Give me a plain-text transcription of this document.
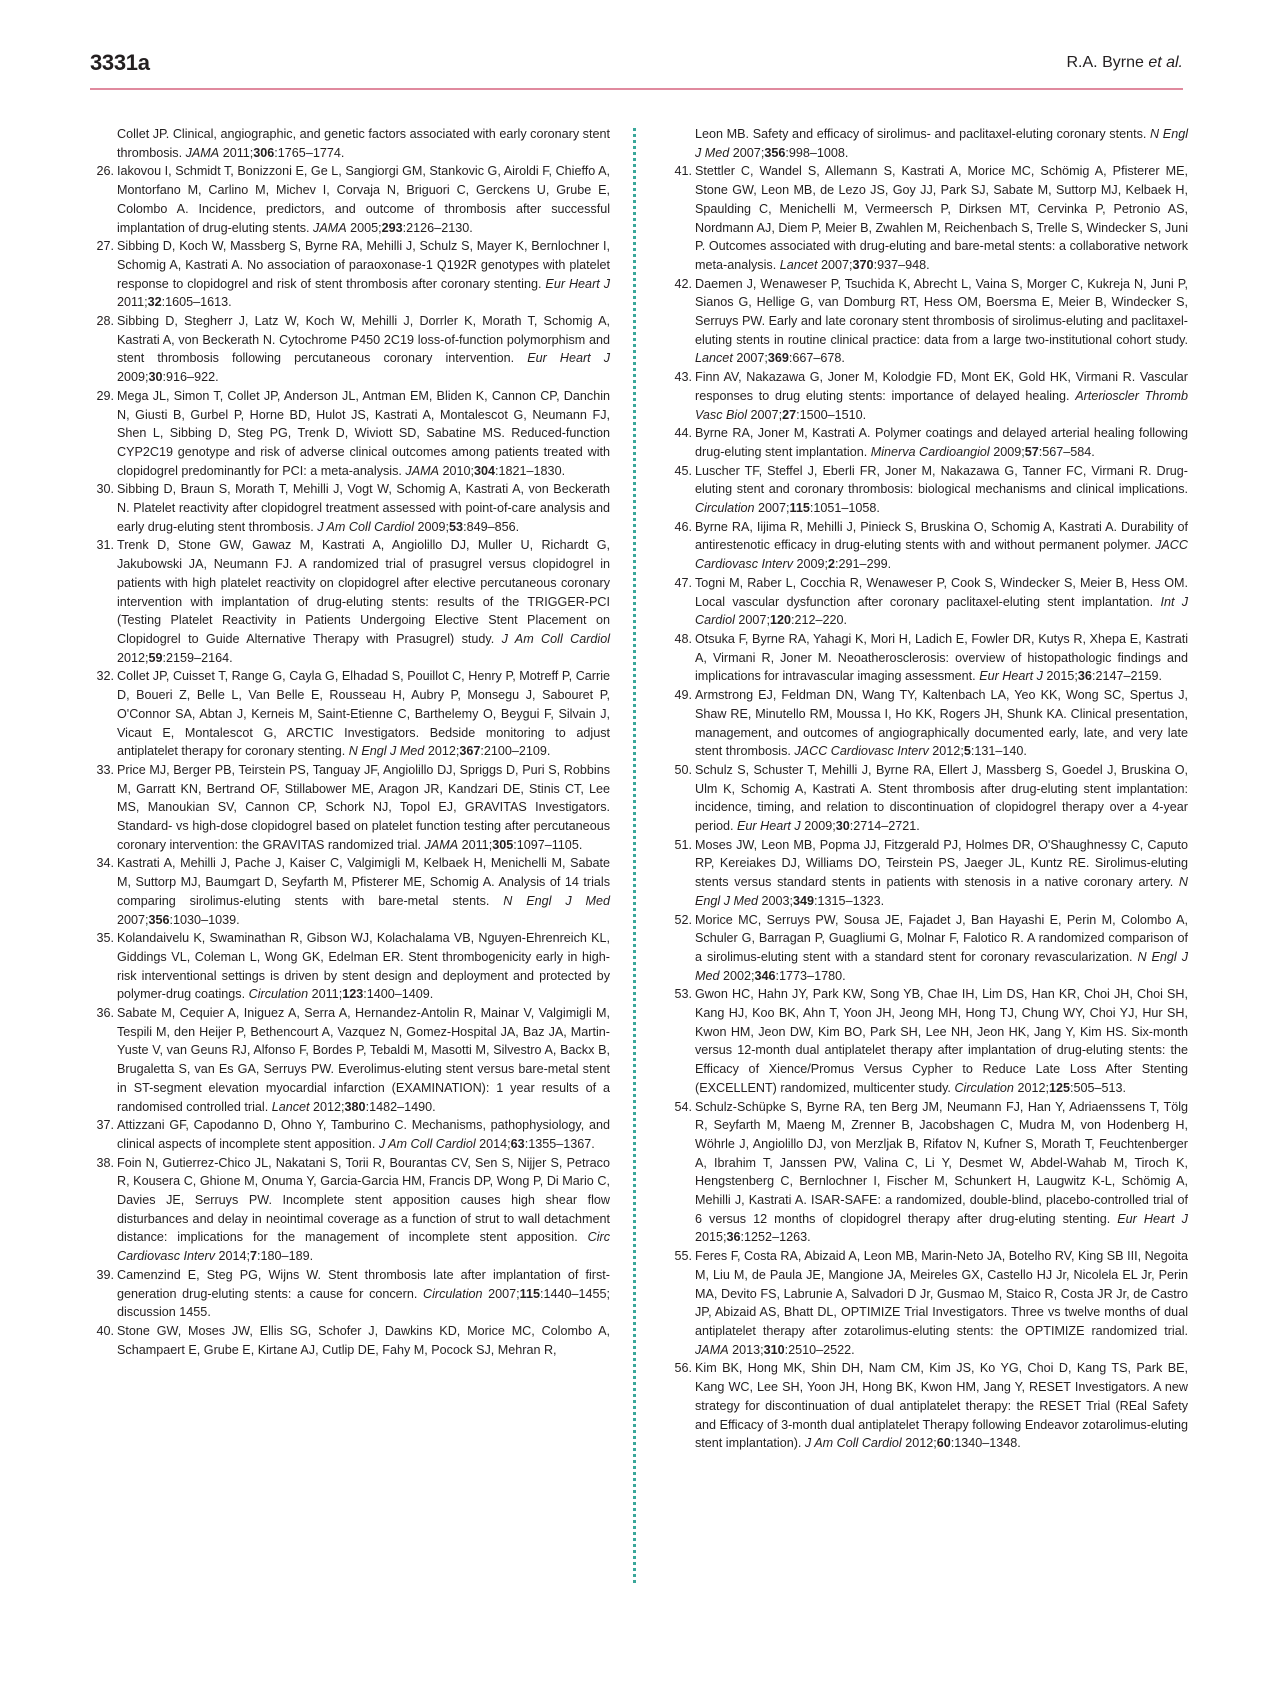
3331a	R.A. Byrne et al.

Collet JP. Clinical, angiographic, and genetic factors associated with early coronary stent thrombosis. JAMA 2011;306:1765–1774.

26. Iakovou I, Schmidt T, Bonizzoni E, Ge L, Sangiorgi GM, Stankovic G, Airoldi F, Chieffo A, Montorfano M, Carlino M, Michev I, Corvaja N, Briguori C, Gerckens U, Grube E, Colombo A. Incidence, predictors, and outcome of thrombosis after successful implantation of drug-eluting stents. JAMA 2005;293:2126–2130.

27. Sibbing D, Koch W, Massberg S, Byrne RA, Mehilli J, Schulz S, Mayer K, Bernlochner I, Schomig A, Kastrati A. No association of paraoxonase-1 Q192R genotypes with platelet response to clopidogrel and risk of stent thrombosis after coronary stenting. Eur Heart J 2011;32:1605–1613.

28. Sibbing D, Stegherr J, Latz W, Koch W, Mehilli J, Dorrler K, Morath T, Schomig A, Kastrati A, von Beckerath N. Cytochrome P450 2C19 loss-of-function polymorphism and stent thrombosis following percutaneous coronary intervention. Eur Heart J 2009;30:916–922.

29. Mega JL, Simon T, Collet JP, Anderson JL, Antman EM, Bliden K, Cannon CP, Danchin N, Giusti B, Gurbel P, Horne BD, Hulot JS, Kastrati A, Montalescot G, Neumann FJ, Shen L, Sibbing D, Steg PG, Trenk D, Wiviott SD, Sabatine MS. Reduced-function CYP2C19 genotype and risk of adverse clinical outcomes among patients treated with clopidogrel predominantly for PCI: a meta-analysis. JAMA 2010;304:1821–1830.

30. Sibbing D, Braun S, Morath T, Mehilli J, Vogt W, Schomig A, Kastrati A, von Beckerath N. Platelet reactivity after clopidogrel treatment assessed with point-of-care analysis and early drug-eluting stent thrombosis. J Am Coll Cardiol 2009;53:849–856.

31. Trenk D, Stone GW, Gawaz M, Kastrati A, Angiolillo DJ, Muller U, Richardt G, Jakubowski JA, Neumann FJ. A randomized trial of prasugrel versus clopidogrel in patients with high platelet reactivity on clopidogrel after elective percutaneous coronary intervention with implantation of drug-eluting stents: results of the TRIGGER-PCI (Testing Platelet Reactivity in Patients Undergoing Elective Stent Placement on Clopidogrel to Guide Alternative Therapy with Prasugrel) study. J Am Coll Cardiol 2012;59:2159–2164.

32. Collet JP, Cuisset T, Range G, Cayla G, Elhadad S, Pouillot C, Henry P, Motreff P, Carrie D, Boueri Z, Belle L, Van Belle E, Rousseau H, Aubry P, Monsegu J, Sabouret P, O'Connor SA, Abtan J, Kerneis M, Saint-Etienne C, Barthelemy O, Beygui F, Silvain J, Vicaut E, Montalescot G, ARCTIC Investigators. Bedside monitoring to adjust antiplatelet therapy for coronary stenting. N Engl J Med 2012;367:2100–2109.

33. Price MJ, Berger PB, Teirstein PS, Tanguay JF, Angiolillo DJ, Spriggs D, Puri S, Robbins M, Garratt KN, Bertrand OF, Stillabower ME, Aragon JR, Kandzari DE, Stinis CT, Lee MS, Manoukian SV, Cannon CP, Schork NJ, Topol EJ, GRAVITAS Investigators. Standard- vs high-dose clopidogrel based on platelet function testing after percutaneous coronary intervention: the GRAVITAS randomized trial. JAMA 2011;305:1097–1105.

34. Kastrati A, Mehilli J, Pache J, Kaiser C, Valgimigli M, Kelbaek H, Menichelli M, Sabate M, Suttorp MJ, Baumgart D, Seyfarth M, Pfisterer ME, Schomig A. Analysis of 14 trials comparing sirolimus-eluting stents with bare-metal stents. N Engl J Med 2007;356:1030–1039.

35. Kolandaivelu K, Swaminathan R, Gibson WJ, Kolachalama VB, Nguyen-Ehrenreich KL, Giddings VL, Coleman L, Wong GK, Edelman ER. Stent thrombogenicity early in high-risk interventional settings is driven by stent design and deployment and protected by polymer-drug coatings. Circulation 2011;123:1400–1409.

36. Sabate M, Cequier A, Iniguez A, Serra A, Hernandez-Antolin R, Mainar V, Valgimigli M, Tespili M, den Heijer P, Bethencourt A, Vazquez N, Gomez-Hospital JA, Baz JA, Martin-Yuste V, van Geuns RJ, Alfonso F, Bordes P, Tebaldi M, Masotti M, Silvestro A, Backx B, Brugaletta S, van Es GA, Serruys PW. Everolimus-eluting stent versus bare-metal stent in ST-segment elevation myocardial infarction (EXAMINATION): 1 year results of a randomised controlled trial. Lancet 2012;380:1482–1490.

37. Attizzani GF, Capodanno D, Ohno Y, Tamburino C. Mechanisms, pathophysiology, and clinical aspects of incomplete stent apposition. J Am Coll Cardiol 2014;63:1355–1367.

38. Foin N, Gutierrez-Chico JL, Nakatani S, Torii R, Bourantas CV, Sen S, Nijjer S, Petraco R, Kousera C, Ghione M, Onuma Y, Garcia-Garcia HM, Francis DP, Wong P, Di Mario C, Davies JE, Serruys PW. Incomplete stent apposition causes high shear flow disturbances and delay in neointimal coverage as a function of strut to wall detachment distance: implications for the management of incomplete stent apposition. Circ Cardiovasc Interv 2014;7:180–189.

39. Camenzind E, Steg PG, Wijns W. Stent thrombosis late after implantation of first-generation drug-eluting stents: a cause for concern. Circulation 2007;115:1440–1455; discussion 1455.

40. Stone GW, Moses JW, Ellis SG, Schofer J, Dawkins KD, Morice MC, Colombo A, Schampaert E, Grube E, Kirtane AJ, Cutlip DE, Fahy M, Pocock SJ, Mehran R,

Leon MB. Safety and efficacy of sirolimus- and paclitaxel-eluting coronary stents. N Engl J Med 2007;356:998–1008.

41. Stettler C, Wandel S, Allemann S, Kastrati A, Morice MC, Schömig A, Pfisterer ME, Stone GW, Leon MB, de Lezo JS, Goy JJ, Park SJ, Sabate M, Suttorp MJ, Kelbaek H, Spaulding C, Menichelli M, Vermeersch P, Dirksen MT, Cervinka P, Petronio AS, Nordmann AJ, Diem P, Meier B, Zwahlen M, Reichenbach S, Trelle S, Windecker S, Juni P. Outcomes associated with drug-eluting and bare-metal stents: a collaborative network meta-analysis. Lancet 2007;370:937–948.

42. Daemen J, Wenaweser P, Tsuchida K, Abrecht L, Vaina S, Morger C, Kukreja N, Juni P, Sianos G, Hellige G, van Domburg RT, Hess OM, Boersma E, Meier B, Windecker S, Serruys PW. Early and late coronary stent thrombosis of sirolimus-eluting and paclitaxel-eluting stents in routine clinical practice: data from a large two-institutional cohort study. Lancet 2007;369:667–678.

43. Finn AV, Nakazawa G, Joner M, Kolodgie FD, Mont EK, Gold HK, Virmani R. Vascular responses to drug eluting stents: importance of delayed healing. Arterioscler Thromb Vasc Biol 2007;27:1500–1510.

44. Byrne RA, Joner M, Kastrati A. Polymer coatings and delayed arterial healing following drug-eluting stent implantation. Minerva Cardioangiol 2009;57:567–584.

45. Luscher TF, Steffel J, Eberli FR, Joner M, Nakazawa G, Tanner FC, Virmani R. Drug-eluting stent and coronary thrombosis: biological mechanisms and clinical implications. Circulation 2007;115:1051–1058.

46. Byrne RA, Iijima R, Mehilli J, Pinieck S, Bruskina O, Schomig A, Kastrati A. Durability of antirestenotic efficacy in drug-eluting stents with and without permanent polymer. JACC Cardiovasc Interv 2009;2:291–299.

47. Togni M, Raber L, Cocchia R, Wenaweser P, Cook S, Windecker S, Meier B, Hess OM. Local vascular dysfunction after coronary paclitaxel-eluting stent implantation. Int J Cardiol 2007;120:212–220.

48. Otsuka F, Byrne RA, Yahagi K, Mori H, Ladich E, Fowler DR, Kutys R, Xhepa E, Kastrati A, Virmani R, Joner M. Neoatherosclerosis: overview of histopathologic findings and implications for intravascular imaging assessment. Eur Heart J 2015;36:2147–2159.

49. Armstrong EJ, Feldman DN, Wang TY, Kaltenbach LA, Yeo KK, Wong SC, Spertus J, Shaw RE, Minutello RM, Moussa I, Ho KK, Rogers JH, Shunk KA. Clinical presentation, management, and outcomes of angiographically documented early, late, and very late stent thrombosis. JACC Cardiovasc Interv 2012;5:131–140.

50. Schulz S, Schuster T, Mehilli J, Byrne RA, Ellert J, Massberg S, Goedel J, Bruskina O, Ulm K, Schomig A, Kastrati A. Stent thrombosis after drug-eluting stent implantation: incidence, timing, and relation to discontinuation of clopidogrel therapy over a 4-year period. Eur Heart J 2009;30:2714–2721.

51. Moses JW, Leon MB, Popma JJ, Fitzgerald PJ, Holmes DR, O'Shaughnessy C, Caputo RP, Kereiakes DJ, Williams DO, Teirstein PS, Jaeger JL, Kuntz RE. Sirolimus-eluting stents versus standard stents in patients with stenosis in a native coronary artery. N Engl J Med 2003;349:1315–1323.

52. Morice MC, Serruys PW, Sousa JE, Fajadet J, Ban Hayashi E, Perin M, Colombo A, Schuler G, Barragan P, Guagliumi G, Molnar F, Falotico R. A randomized comparison of a sirolimus-eluting stent with a standard stent for coronary revascularization. N Engl J Med 2002;346:1773–1780.

53. Gwon HC, Hahn JY, Park KW, Song YB, Chae IH, Lim DS, Han KR, Choi JH, Choi SH, Kang HJ, Koo BK, Ahn T, Yoon JH, Jeong MH, Hong TJ, Chung WY, Choi YJ, Hur SH, Kwon HM, Jeon DW, Kim BO, Park SH, Lee NH, Jeon HK, Jang Y, Kim HS. Six-month versus 12-month dual antiplatelet therapy after implantation of drug-eluting stents: the Efficacy of Xience/Promus Versus Cypher to Reduce Late Loss After Stenting (EXCELLENT) randomized, multicenter study. Circulation 2012;125:505–513.

54. Schulz-Schüpke S, Byrne RA, ten Berg JM, Neumann FJ, Han Y, Adriaenssens T, Tölg R, Seyfarth M, Maeng M, Zrenner B, Jacobshagen C, Mudra M, von Hodenberg H, Wöhrle J, Angiolillo DJ, von Merzljak B, Rifatov N, Kufner S, Morath T, Feuchtenberger A, Ibrahim T, Janssen PW, Valina C, Li Y, Desmet W, Abdel-Wahab M, Tiroch K, Hengstenberg C, Bernlochner I, Fischer M, Schunkert H, Laugwitz K-L, Schömig A, Mehilli J, Kastrati A. ISAR-SAFE: a randomized, double-blind, placebo-controlled trial of 6 versus 12 months of clopidogrel therapy after drug-eluting stenting. Eur Heart J 2015;36:1252–1263.

55. Feres F, Costa RA, Abizaid A, Leon MB, Marin-Neto JA, Botelho RV, King SB III, Negoita M, Liu M, de Paula JE, Mangione JA, Meireles GX, Castello HJ Jr, Nicolela EL Jr, Perin MA, Devito FS, Labrunie A, Salvadori D Jr, Gusmao M, Staico R, Costa JR Jr, de Castro JP, Abizaid AS, Bhatt DL, OPTIMIZE Trial Investigators. Three vs twelve months of dual antiplatelet therapy after zotarolimus-eluting stents: the OPTIMIZE randomized trial. JAMA 2013;310:2510–2522.

56. Kim BK, Hong MK, Shin DH, Nam CM, Kim JS, Ko YG, Choi D, Kang TS, Park BE, Kang WC, Lee SH, Yoon JH, Hong BK, Kwon HM, Jang Y, RESET Investigators. A new strategy for discontinuation of dual antiplatelet therapy: the RESET Trial (REal Safety and Efficacy of 3-month dual antiplatelet Therapy following Endeavor zotarolimus-eluting stent implantation). J Am Coll Cardiol 2012;60:1340–1348.
